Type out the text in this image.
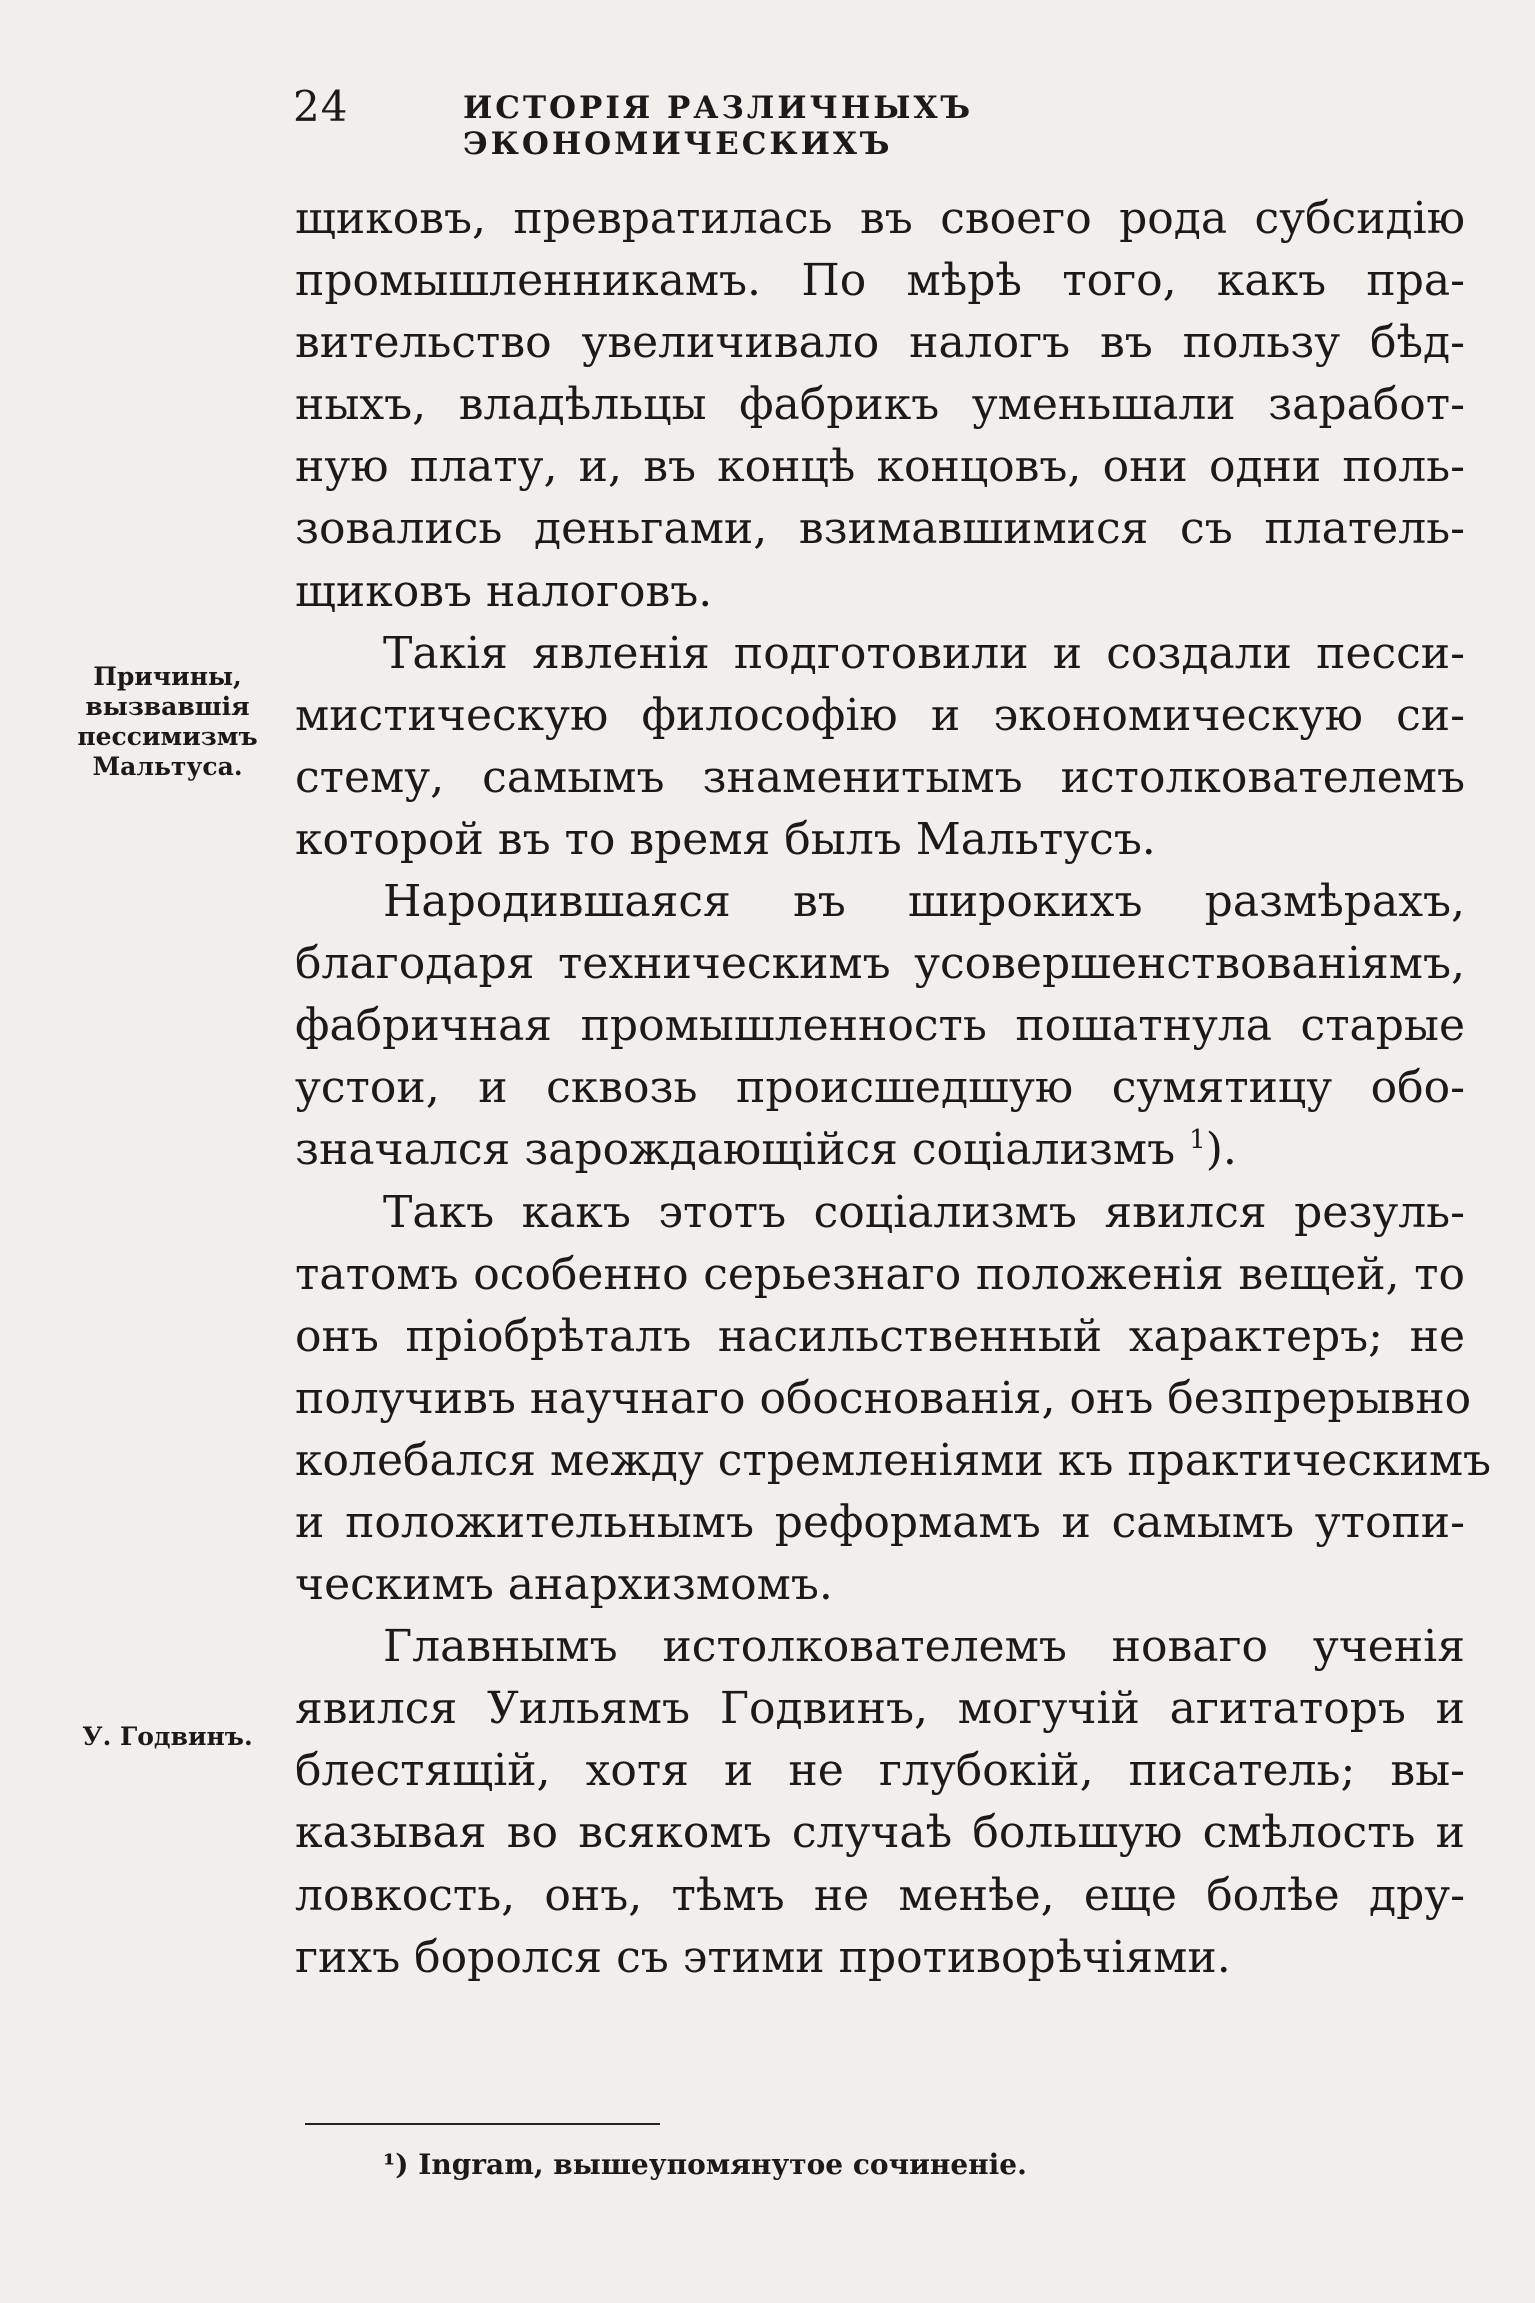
24	ИСТОРІЯ РАЗЛИЧНЫХЪ ЭКОНОМИЧЕСКИХЪ
Причины, вызвавшія пессимизмъ Мальтуса.
У. Годвинъ.
щиковъ, превратилась въ своего рода субсидію
промышленникамъ. По мѣрѣ того, какъ пра-
вительство увеличивало налогъ въ пользу бѣд-
ныхъ, владѣльцы фабрикъ уменьшали заработ-
ную плату, и, въ концѣ концовъ, они одни поль-
зовались деньгами, взимавшимися съ платель-
щиковъ налоговъ.
Такія явленія подготовили и создали песси-
мистическую философію и экономическую си-
стему, самымъ знаменитымъ истолкователемъ
которой въ то время былъ Мальтусъ.
Народившаяся въ широкихъ размѣрахъ,
благодаря техническимъ усовершенствованіямъ,
фабричная промышленность пошатнула старые
устои, и сквозь происшедшую сумятицу обо-
значался зарождающійся соціализмъ $^1$).
Такъ какъ этотъ соціализмъ явился резуль-
татомъ особенно серьезнаго положенія вещей, то
онъ пріобрѣталъ насильственный характеръ; не
получивъ научнаго обоснованія, онъ безпрерывно
колебался между стремленіями къ практическимъ
и положительнымъ реформамъ и самымъ утопи-
ческимъ анархизмомъ.
Главнымъ истолкователемъ новаго ученія
явился Уильямъ Годвинъ, могучій агитаторъ и
блестящій, хотя и не глубокій, писатель; вы-
казывая во всякомъ случаѣ большую смѣлость и
ловкость, онъ, тѣмъ не менѣе, еще болѣе дру-
гихъ боролся съ этими противорѣчіями.
¹) Ingram, вышеупомянутое сочиненіе.
